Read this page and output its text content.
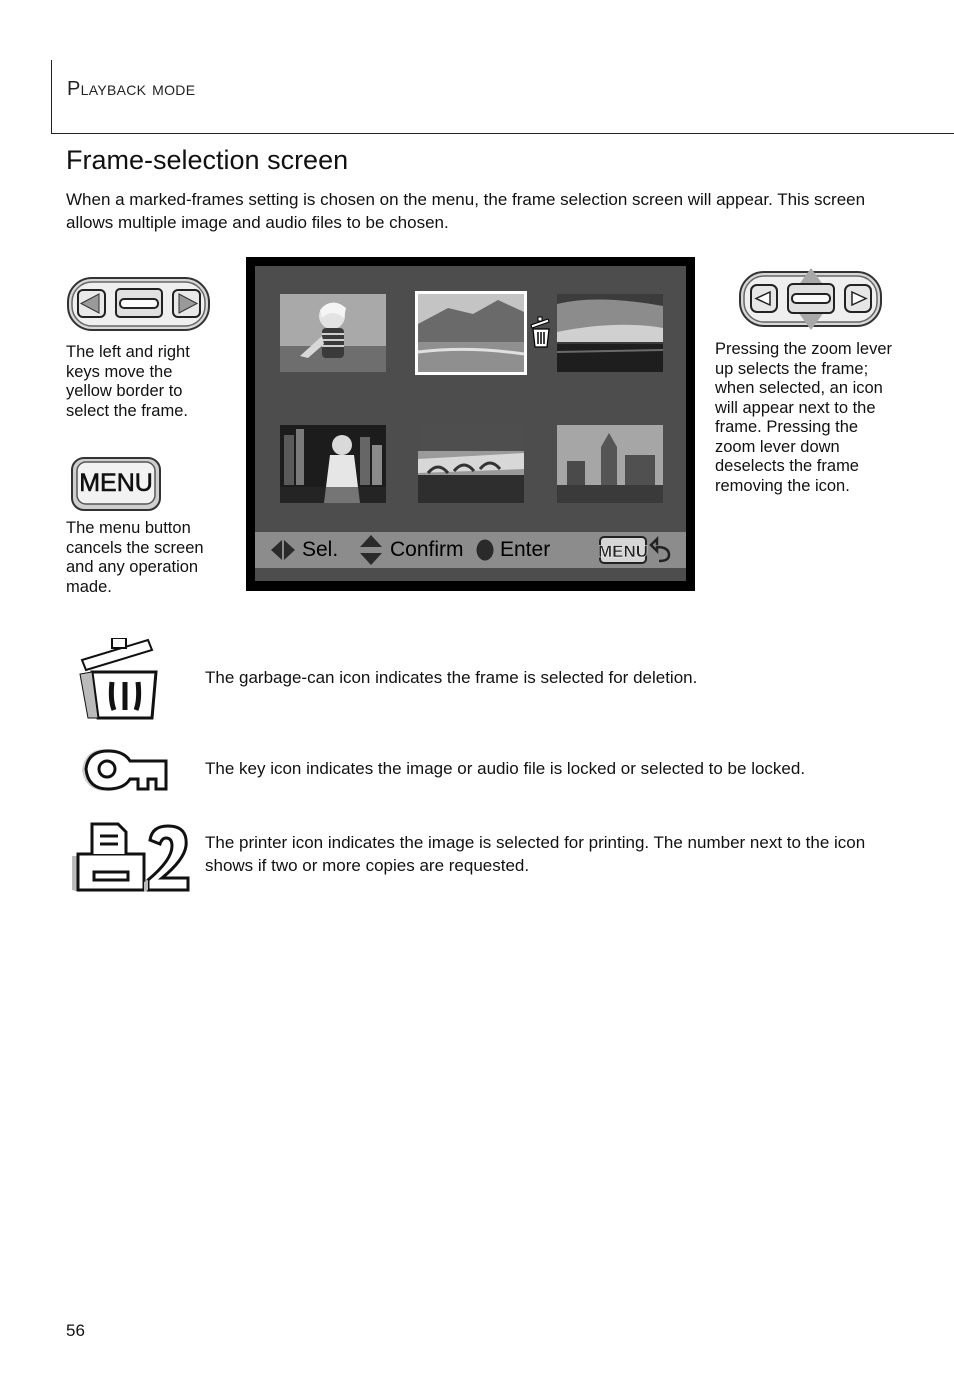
Playback mode
Frame-selection screen
When a marked-frames setting is chosen on the menu, the frame selection screen will appear. This screen allows multiple image and audio files to be chosen.
The left and right keys move the yellow border to select the frame.
MENU
The menu button cancels the screen and any operation made.
Sel. Confirm Enter	MENU
Pressing the zoom lever up selects the frame; when selected, an icon will appear next to the frame. Pressing the zoom lever down deselects the frame removing the icon.
The garbage-can icon indicates the frame is selected for deletion.
The key icon indicates the image or audio file is locked or selected to be locked.
The printer icon indicates the image is selected for printing. The number next to the icon shows if two or more copies are requested.
56
